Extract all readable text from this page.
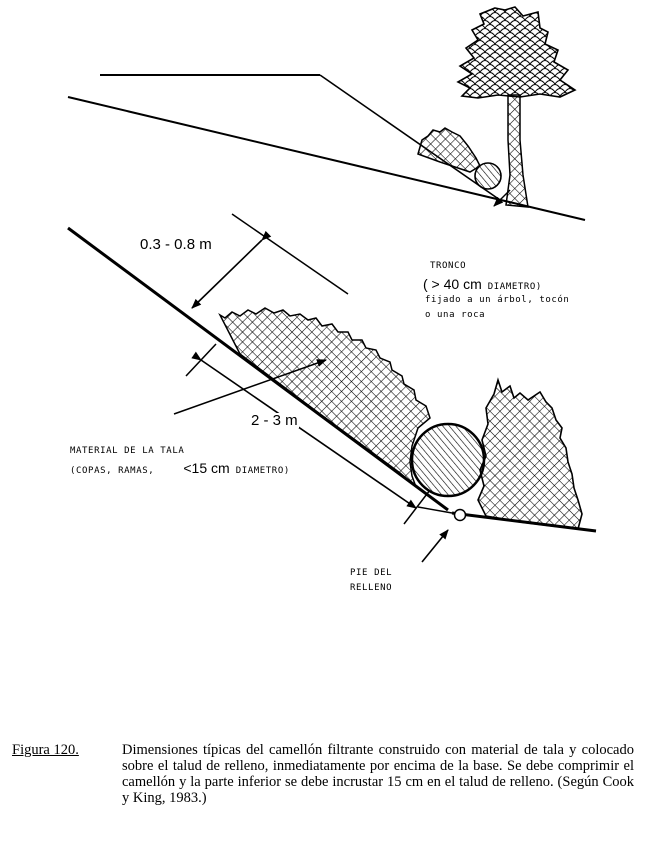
0.3 - 0.8 m
2 - 3 m
TRONCO
( > 40 cm DIAMETRO)
fijado a un árbol, tocón
o una roca
MATERIAL DE LA TALA
(COPAS, RAMAS, <15 cm DIAMETRO)
PIE DEL
RELLENO
Figura 120.	Dimensiones típicas del camellón filtrante construido con material de tala y colocado sobre el talud de relleno, inmediatamente por encima de la base. Se debe comprimir el camellón y la parte inferior se debe incrustar 15 cm en el talud de relleno. (Según Cook y King, 1983.)
